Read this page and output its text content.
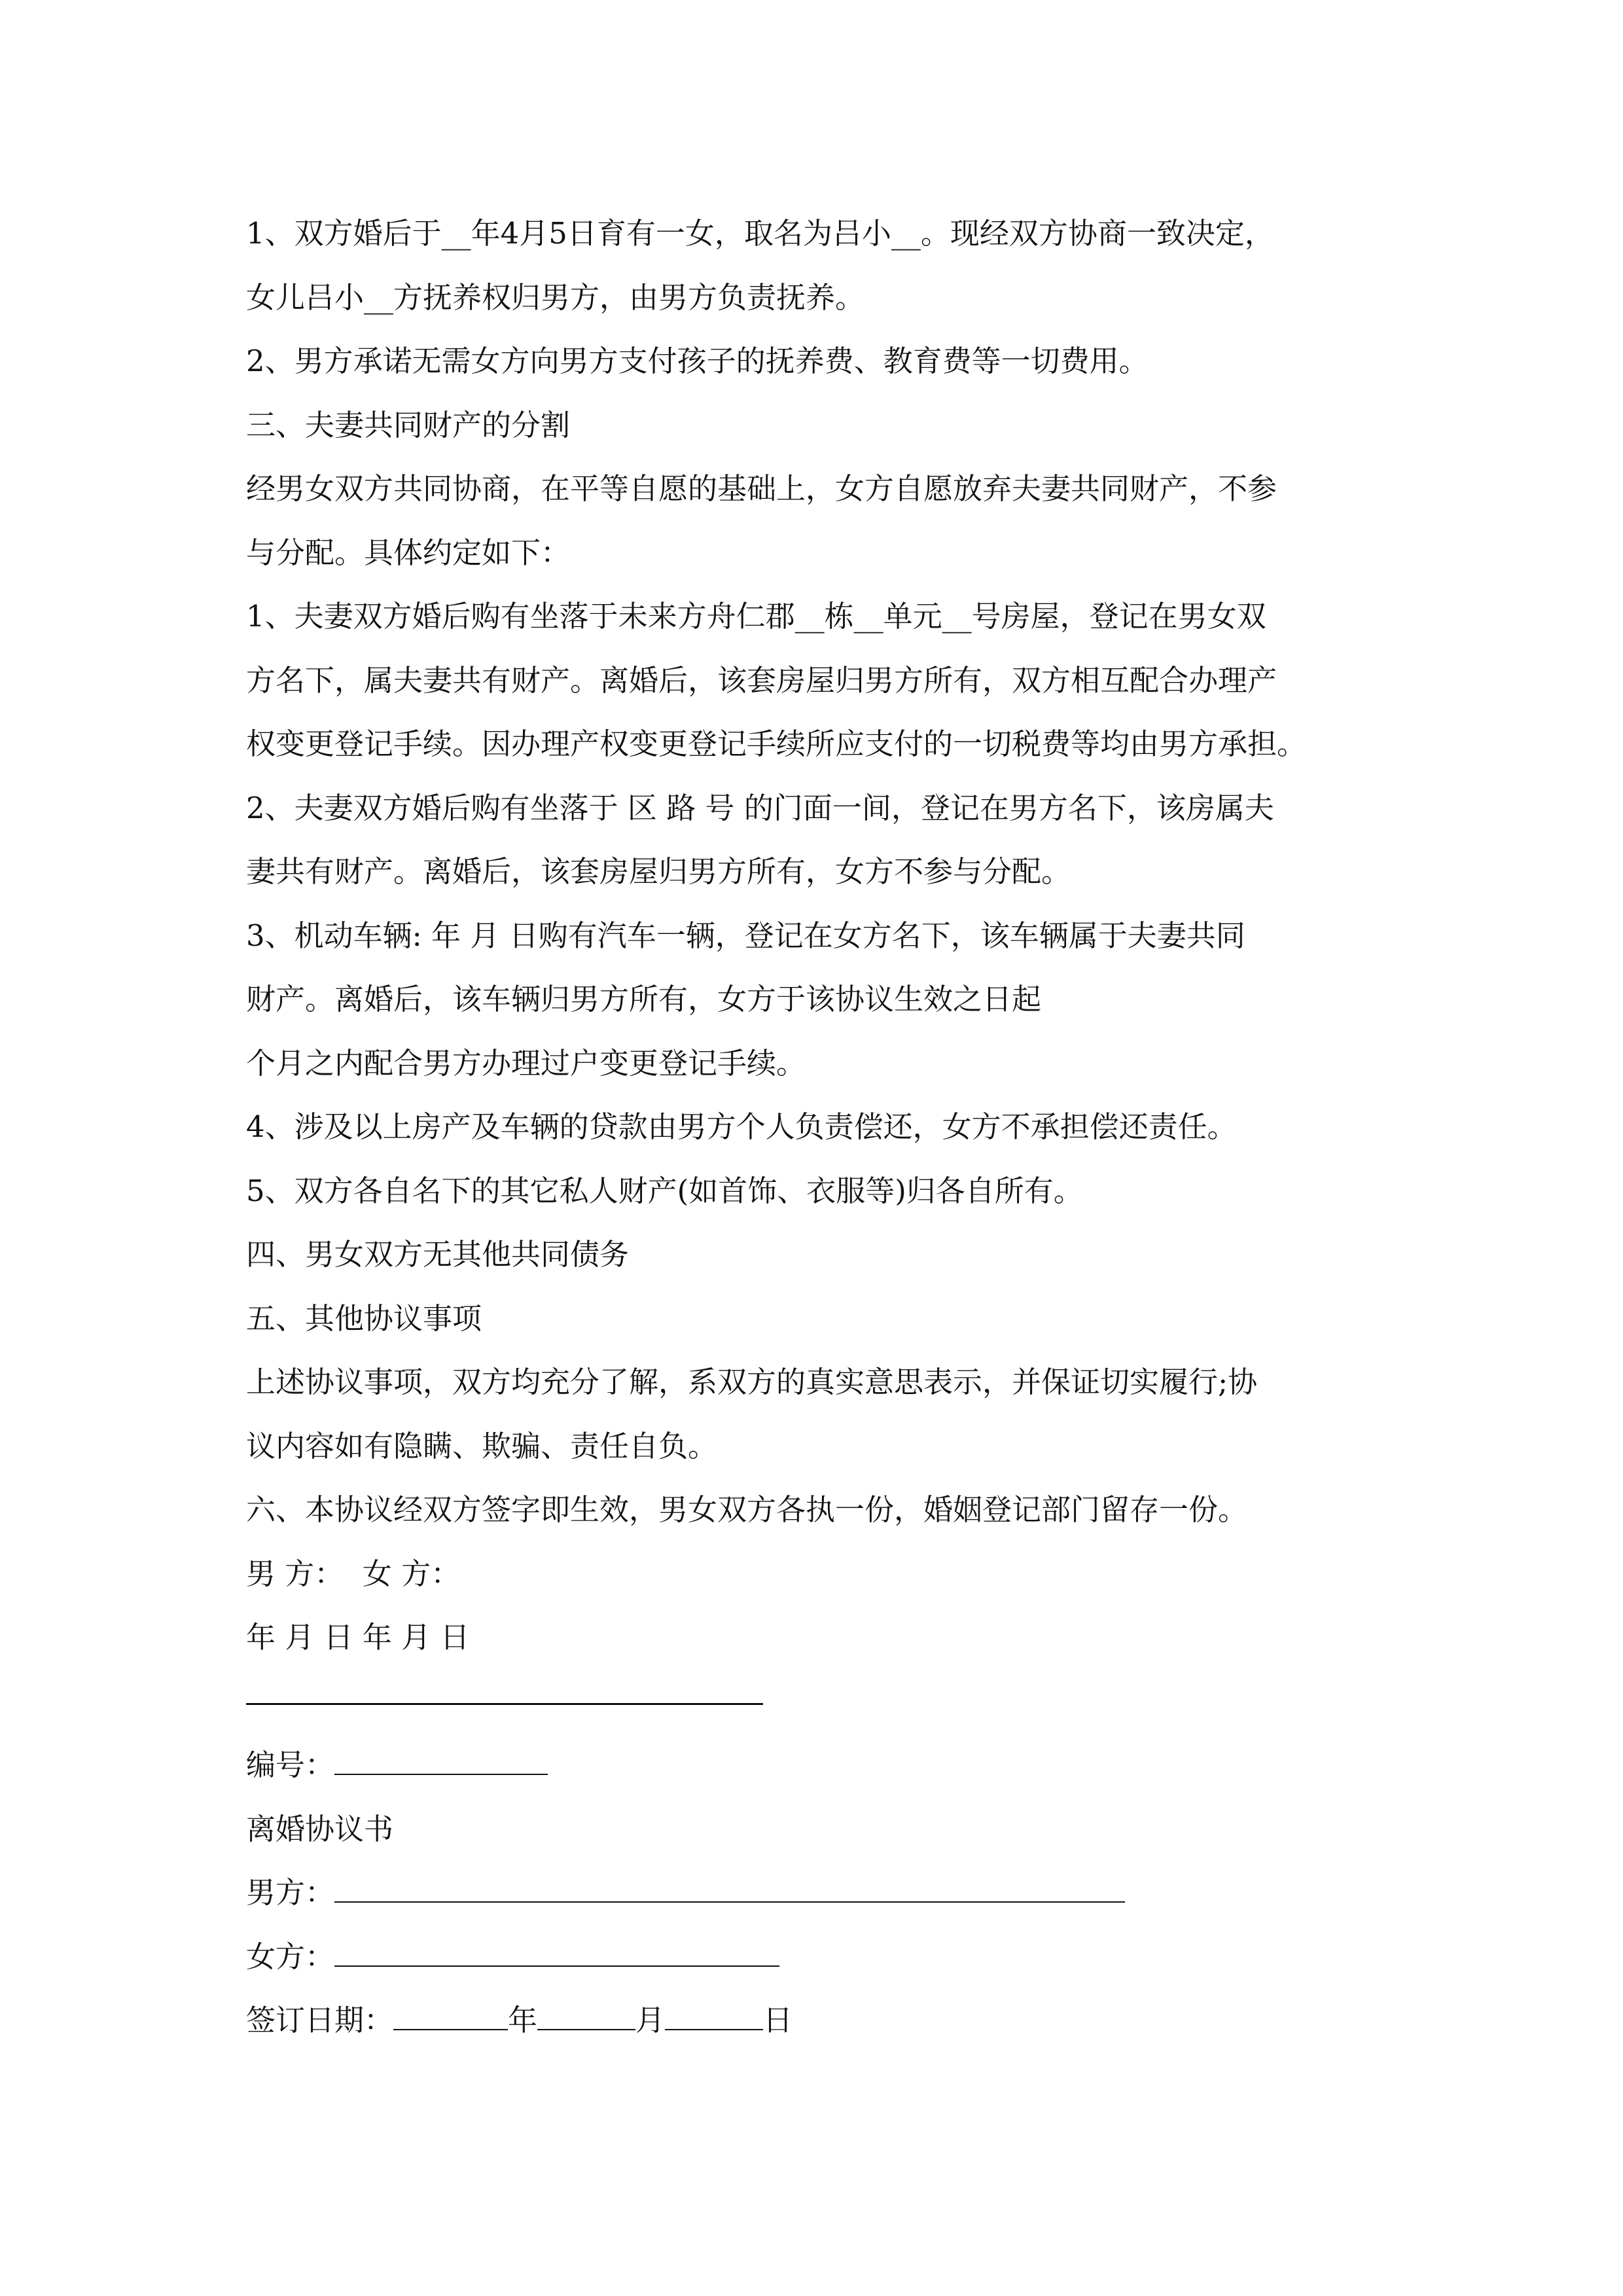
1、双方婚后于__年4月5日育有一女，取名为吕小__。现经双方协商一致决定，
女儿吕小__方抚养权归男方，由男方负责抚养。
2、男方承诺无需女方向男方支付孩子的抚养费、教育费等一切费用。
三、夫妻共同财产的分割
经男女双方共同协商，在平等自愿的基础上，女方自愿放弃夫妻共同财产，不参
与分配。具体约定如下：
1、夫妻双方婚后购有坐落于未来方舟仁郡__栋__单元__号房屋，登记在男女双
方名下，属夫妻共有财产。离婚后，该套房屋归男方所有，双方相互配合办理产
权变更登记手续。因办理产权变更登记手续所应支付的一切税费等均由男方承担。
2、夫妻双方婚后购有坐落于 区 路 号 的门面一间，登记在男方名下，该房属夫
妻共有财产。离婚后，该套房屋归男方所有，女方不参与分配。
3、机动车辆: 年 月 日购有汽车一辆，登记在女方名下，该车辆属于夫妻共同
财产。离婚后，该车辆归男方所有，女方于该协议生效之日起
个月之内配合男方办理过户变更登记手续。
4、涉及以上房产及车辆的贷款由男方个人负责偿还，女方不承担偿还责任。
5、双方各自名下的其它私人财产(如首饰、衣服等)归各自所有。
四、男女双方无其他共同债务
五、其他协议事项
上述协议事项，双方均充分了解，系双方的真实意思表示，并保证切实履行;协
议内容如有隐瞒、欺骗、责任自负。
六、本协议经双方签字即生效，男女双方各执一份，婚姻登记部门留存一份。
男 方：  女 方：
年 月 日 年 月 日
编号：
离婚协议书
男方：
女方：
签订日期：	年	月	日
